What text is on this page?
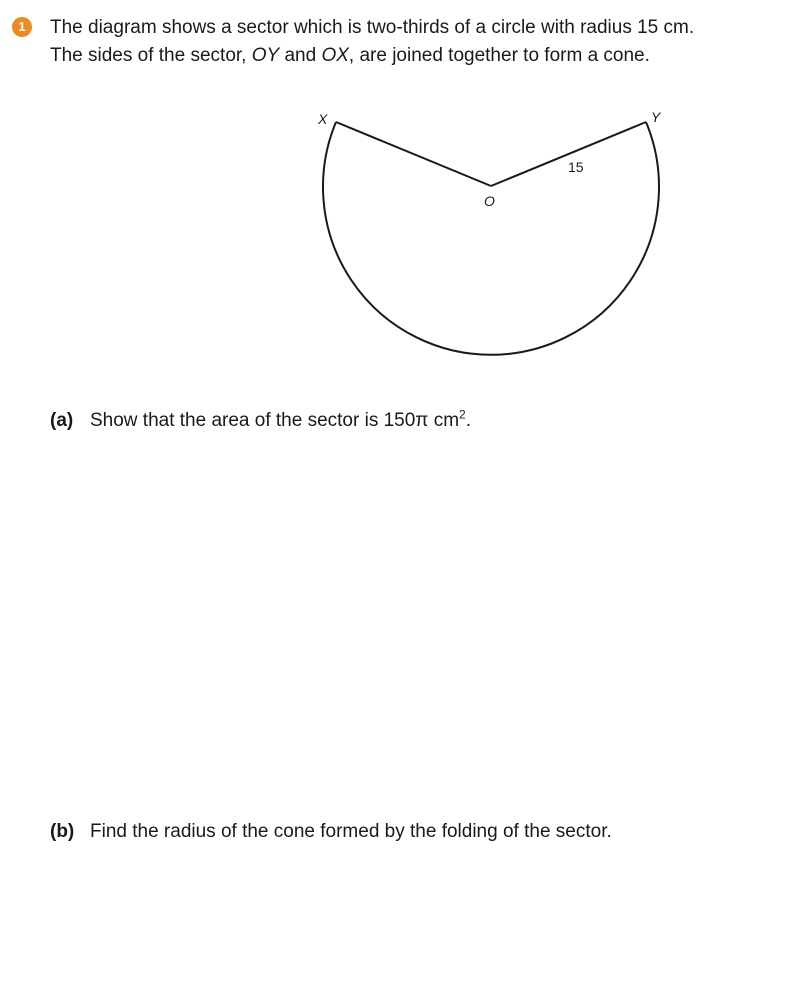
1	The diagram shows a sector which is two-thirds of a circle with radius 15 cm.
The sides of the sector, OY and OX, are joined together to form a cone.
X	Y
O
15
(a) Show that the area of the sector is 150π $cm^2$.
(b) Find the radius of the cone formed by the folding of the sector.
